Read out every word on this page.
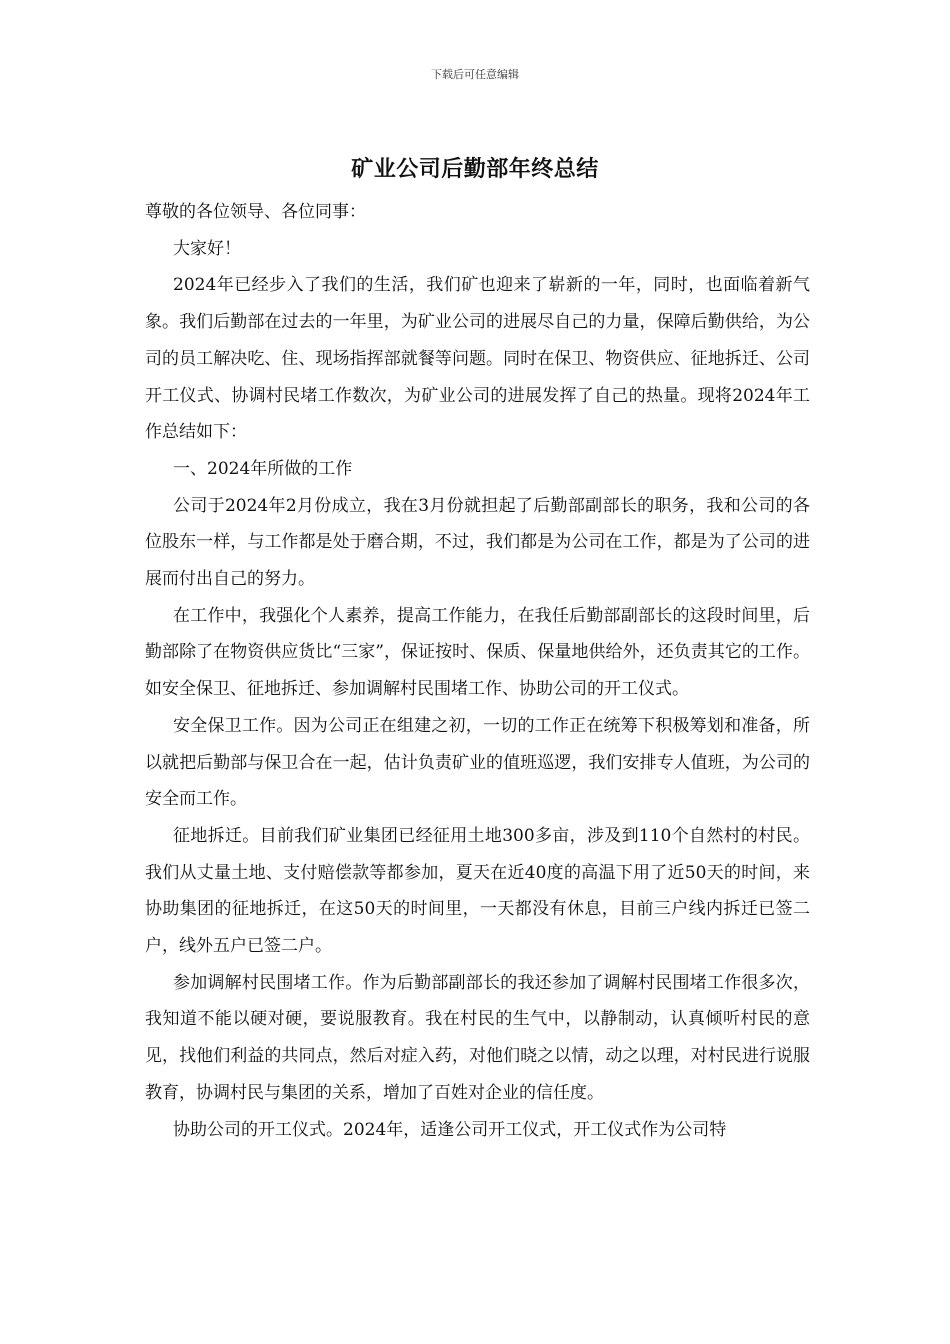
下载后可任意编辑
矿业公司后勤部年终总结

尊敬的各位领导、各位同事：

大家好！

2024年已经步入了我们的生活，我们矿也迎来了崭新的一年，同时，也面临着新气象。我们后勤部在过去的一年里，为矿业公司的进展尽自己的力量，保障后勤供给，为公司的员工解决吃、住、现场指挥部就餐等问题。同时在保卫、物资供应、征地拆迁、公司开工仪式、协调村民堵工作数次，为矿业公司的进展发挥了自己的热量。现将2024年工作总结如下：

一、2024年所做的工作

公司于2024年2月份成立，我在3月份就担起了后勤部副部长的职务，我和公司的各位股东一样，与工作都是处于磨合期，不过，我们都是为公司在工作，都是为了公司的进展而付出自己的努力。

在工作中，我强化个人素养，提高工作能力，在我任后勤部副部长的这段时间里，后勤部除了在物资供应货比“三家”，保证按时、保质、保量地供给外，还负责其它的工作。如安全保卫、征地拆迁、参加调解村民围堵工作、协助公司的开工仪式。

安全保卫工作。因为公司正在组建之初，一切的工作正在统筹下积极筹划和准备，所以就把后勤部与保卫合在一起，估计负责矿业的值班巡逻，我们安排专人值班，为公司的安全而工作。

征地拆迁。目前我们矿业集团已经征用土地300多亩，涉及到110个自然村的村民。我们从丈量土地、支付赔偿款等都参加，夏天在近40度的高温下用了近50天的时间，来协助集团的征地拆迁，在这50天的时间里，一天都没有休息，目前三户线内拆迁已签二户，线外五户已签二户。

参加调解村民围堵工作。作为后勤部副部长的我还参加了调解村民围堵工作很多次，我知道不能以硬对硬，要说服教育。我在村民的生气中，以静制动，认真倾听村民的意见，找他们利益的共同点，然后对症入药，对他们晓之以情，动之以理，对村民进行说服教育，协调村民与集团的关系，增加了百姓对企业的信任度。

协助公司的开工仪式。2024年，适逢公司开工仪式，开工仪式作为公司特
